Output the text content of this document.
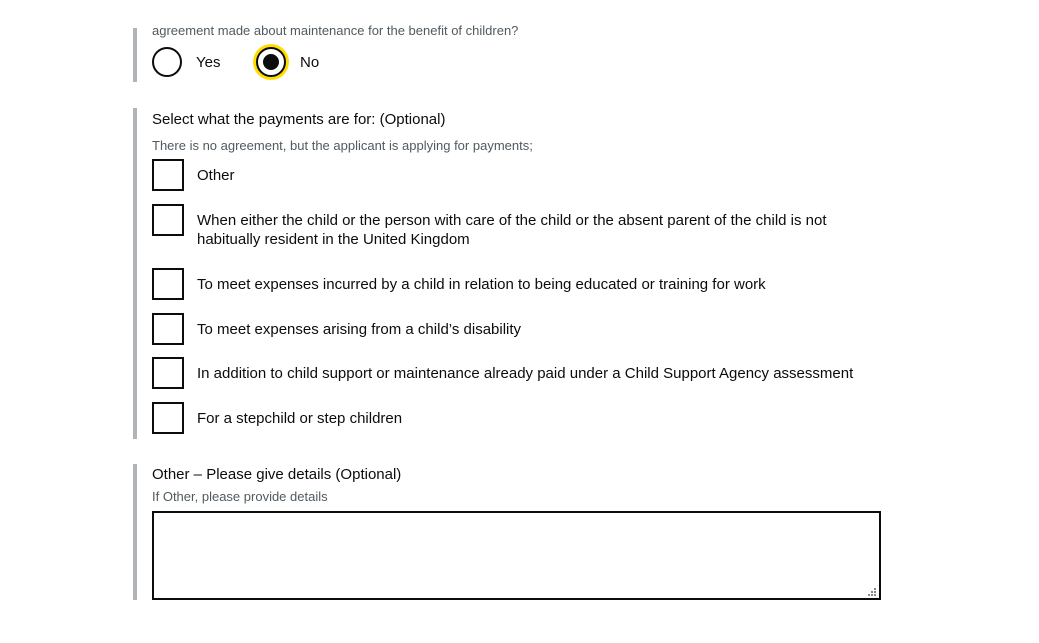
agreement made about maintenance for the benefit of children?
Yes	No
Select what the payments are for: (Optional)
There is no agreement, but the applicant is applying for payments;
Other
When either the child or the person with care of the child or the absent parent of the child is not habitually resident in the United Kingdom
To meet expenses incurred by a child in relation to being educated or training for work
To meet expenses arising from a child’s disability
In addition to child support or maintenance already paid under a Child Support Agency assessment
For a stepchild or step children
Other – Please give details (Optional)
If Other, please provide details
